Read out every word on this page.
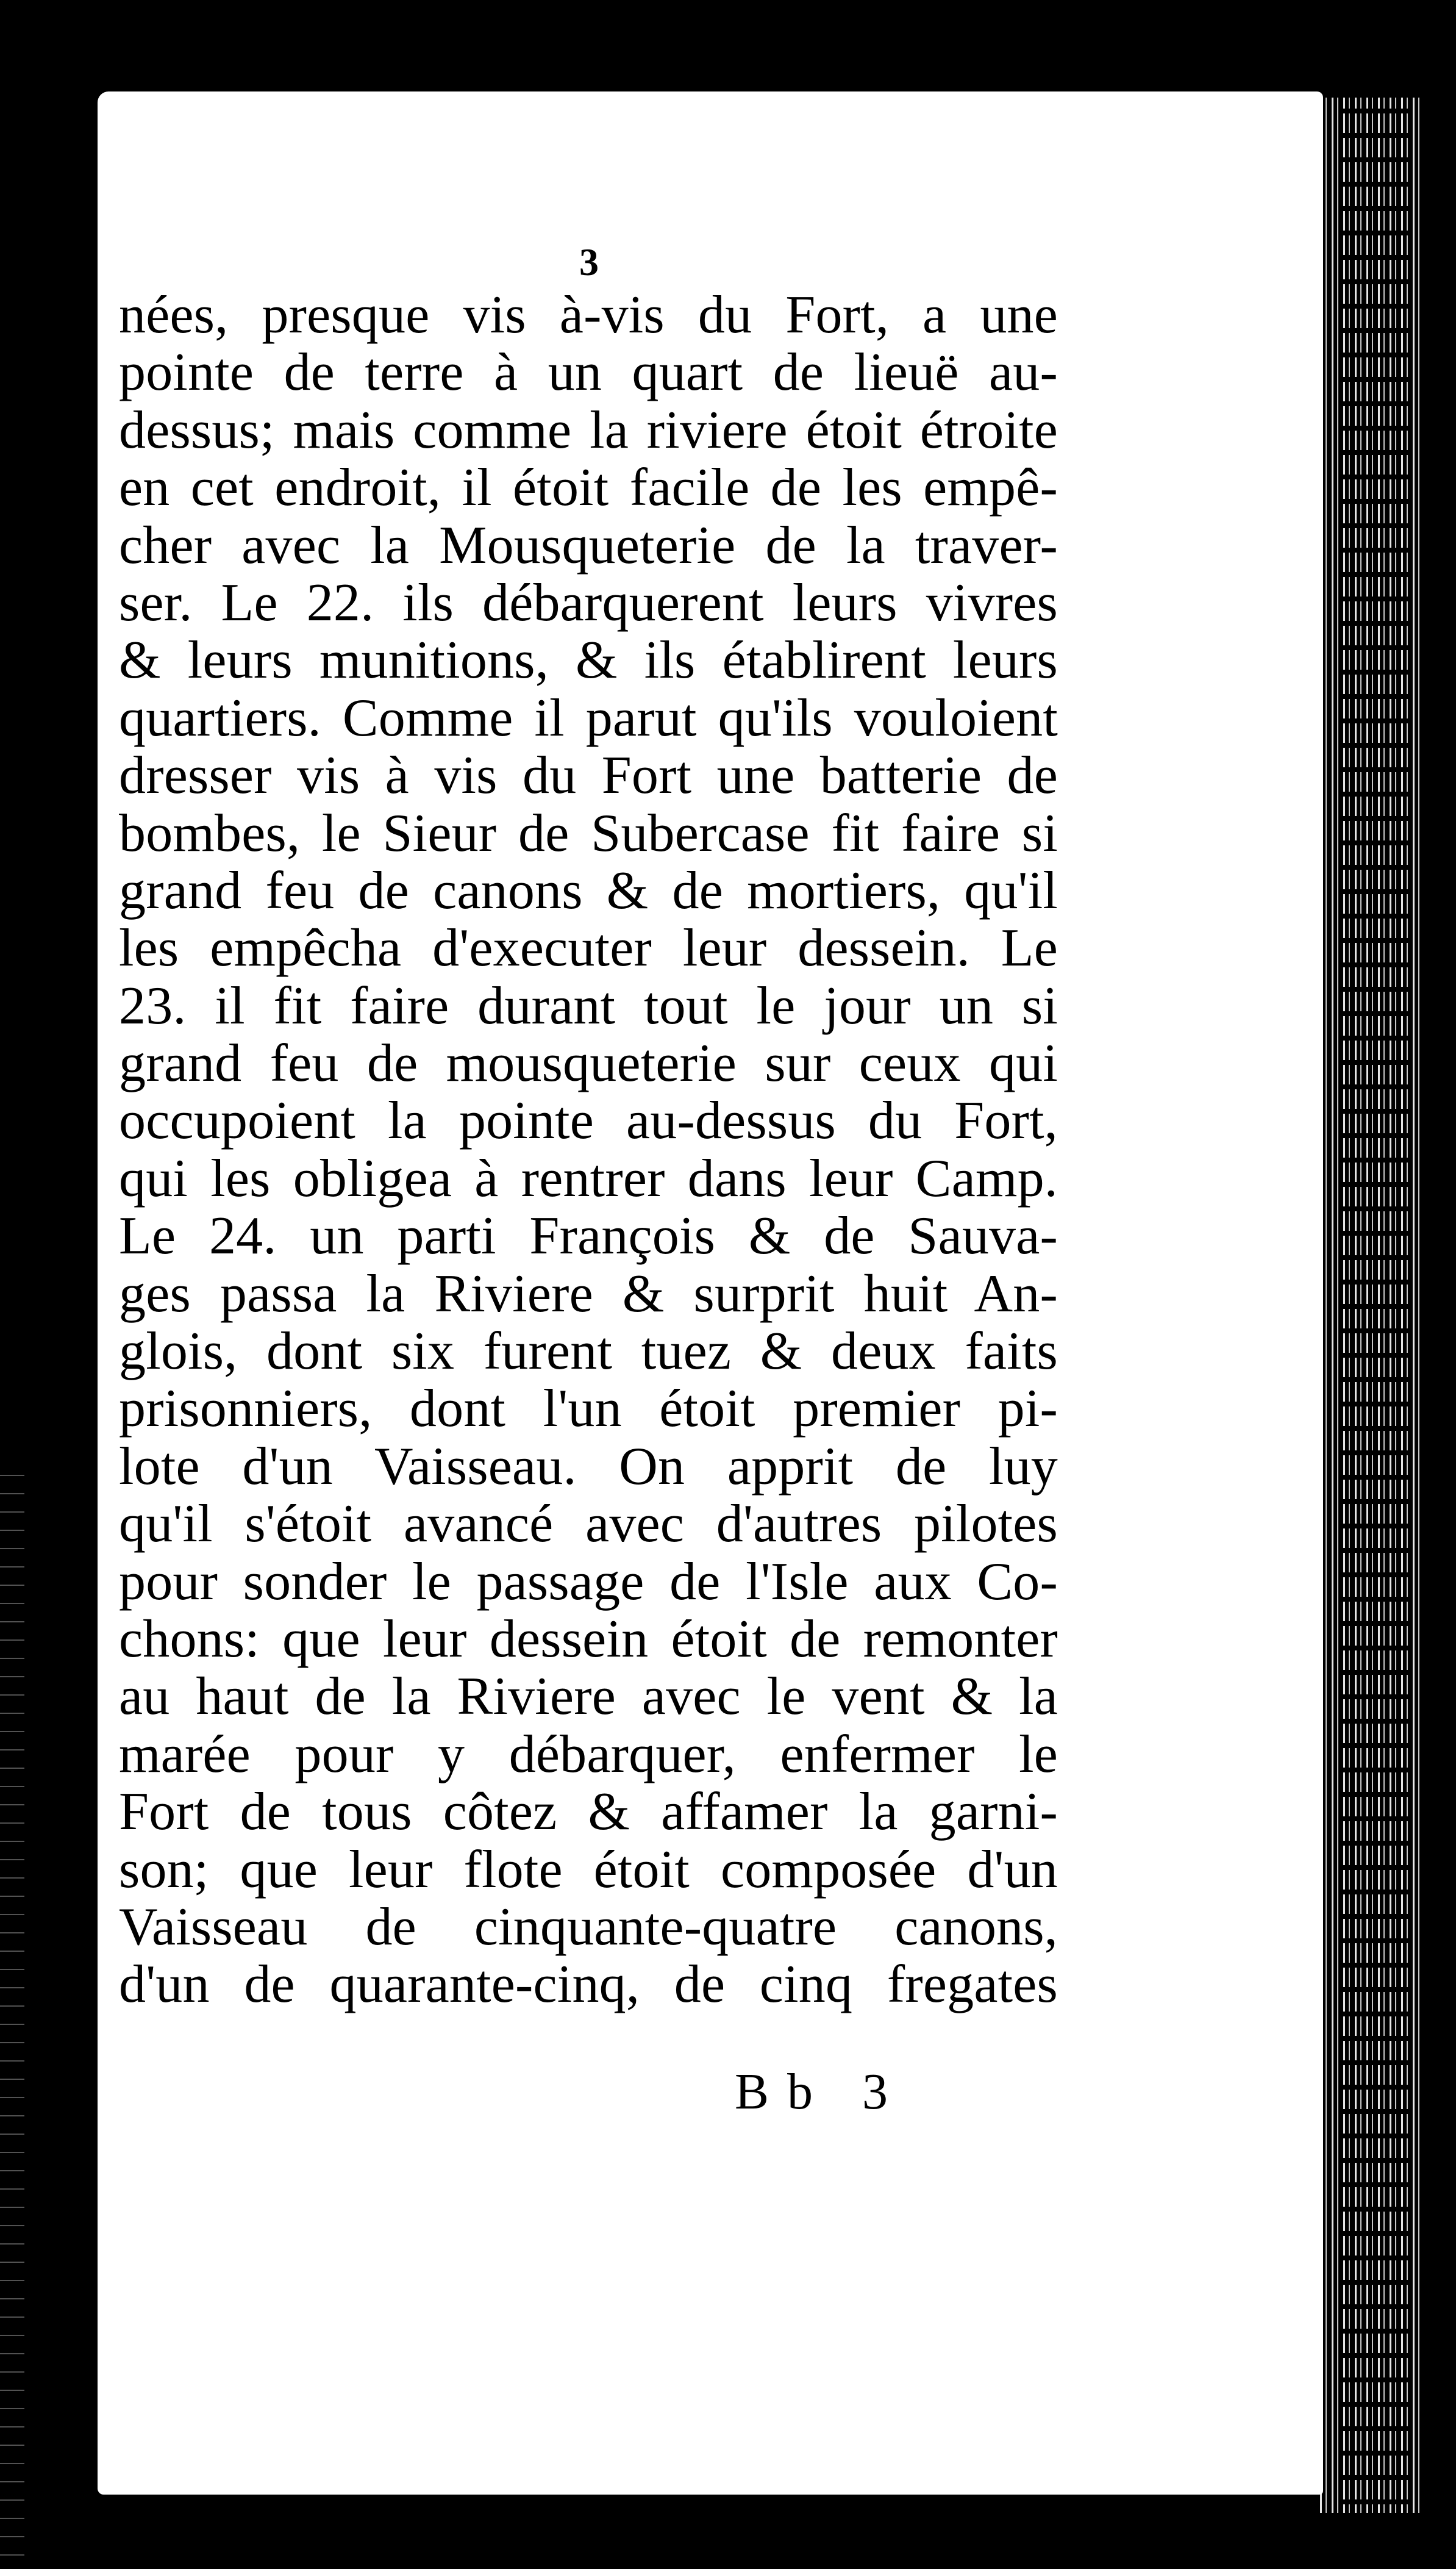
3
nées, presque vis à-vis du Fort, a une
pointe de terre à un quart de lieuë au-
dessus; mais comme la riviere étoit étroite
en cet endroit, il étoit facile de les empê-
cher avec la Mousqueterie de la traver-
ser. Le 22. ils débarquerent leurs vivres
& leurs munitions, & ils établirent leurs
quartiers. Comme il parut qu'ils vouloient
dresser vis à vis du Fort une batterie de
bombes, le Sieur de Subercase fit faire si
grand feu de canons & de mortiers, qu'il
les empêcha d'executer leur dessein. Le
23. il fit faire durant tout le jour un si
grand feu de mousqueterie sur ceux qui
occupoient la pointe au-dessus du Fort,
qui les obligea à rentrer dans leur Camp.
Le 24. un parti François & de Sauva-
ges passa la Riviere & surprit huit An-
glois, dont six furent tuez & deux faits
prisonniers, dont l'un étoit premier pi-
lote d'un Vaisseau. On apprit de luy
qu'il s'étoit avancé avec d'autres pilotes
pour sonder le passage de l'Isle aux Co-
chons: que leur dessein étoit de remonter
au haut de la Riviere avec le vent & la
marée pour y débarquer, enfermer le
Fort de tous côtez & affamer la garni-
son; que leur flote étoit composée d'un
Vaisseau de cinquante-quatre canons,
d'un de quarante-cinq, de cinq fregates
Bb 3
